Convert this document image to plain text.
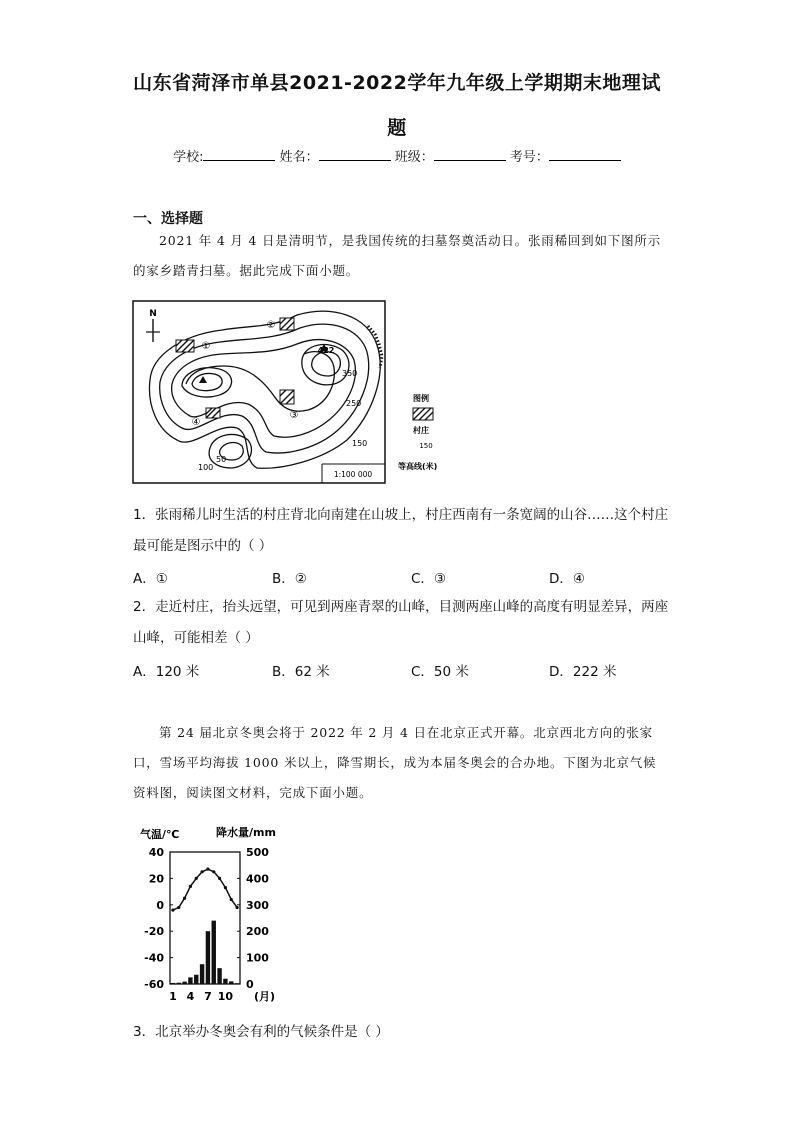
山东省菏泽市单县2021-2022学年九年级上学期期末地理试
题
学校:	姓名：	班级：	考号：
一、选择题
2021 年 4 月 4 日是清明节，是我国传统的扫墓祭奠活动日。张雨稀回到如下图所示的家乡踏青扫墓。据此完成下面小题。
N
422
350
250
150
100
50
①
②
③
④
图例
村庄
150
等高线(米)
1:100 000
1．张雨稀儿时生活的村庄背北向南建在山坡上，村庄西南有一条宽阔的山谷……这个村庄最可能是图示中的（ ）
A．①	B．②	C．③	D．④
2．走近村庄，抬头远望，可见到两座青翠的山峰，目测两座山峰的高度有明显差异，两座山峰，可能相差（ ）
A．120 米	B．62 米	C．50 米	D．222 米
第 24 届北京冬奥会将于 2022 年 2 月 4 日在北京正式开幕。北京西北方向的张家口，雪场平均海拔 1000 米以上，降雪期长，成为本届冬奥会的合办地。下图为北京气候资料图，阅读图文材料，完成下面小题。
气温/℃	降水量/mm
40
20
0
-20
-40
-60
500
400
300
200
100
0
1 4 7 10 (月)
3．北京举办冬奥会有利的气候条件是（ ）
